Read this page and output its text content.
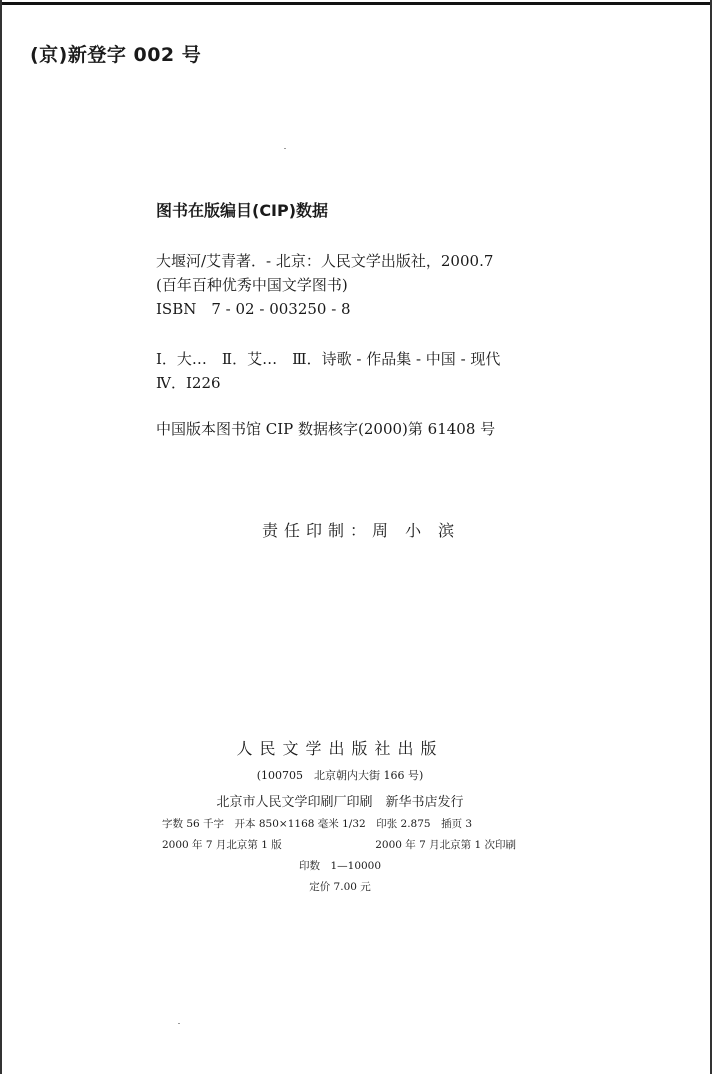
(京)新登字 002 号
图书在版编目(CIP)数据
大堰河/艾青著．- 北京：人民文学出版社，2000.7
(百年百种优秀中国文学图书)
ISBN　7 - 02 - 003250 - 8
Ⅰ．大…　Ⅱ．艾…　Ⅲ．诗歌 - 作品集 - 中国 - 现代
Ⅳ．I226
中国版本图书馆 CIP 数据核字(2000)第 61408 号
责任印制：周 小 滨
人民文学出版社出版
(100705　北京朝内大街 166 号)
北京市人民文学印刷厂印刷　新华书店发行
字数 56 千字　开本 850×1168 毫米 1/32　印张 2.875　插页 3
2000 年 7 月北京第 1 版	2000 年 7 月北京第 1 次印刷
印数　1—10000
定价 7.00 元
